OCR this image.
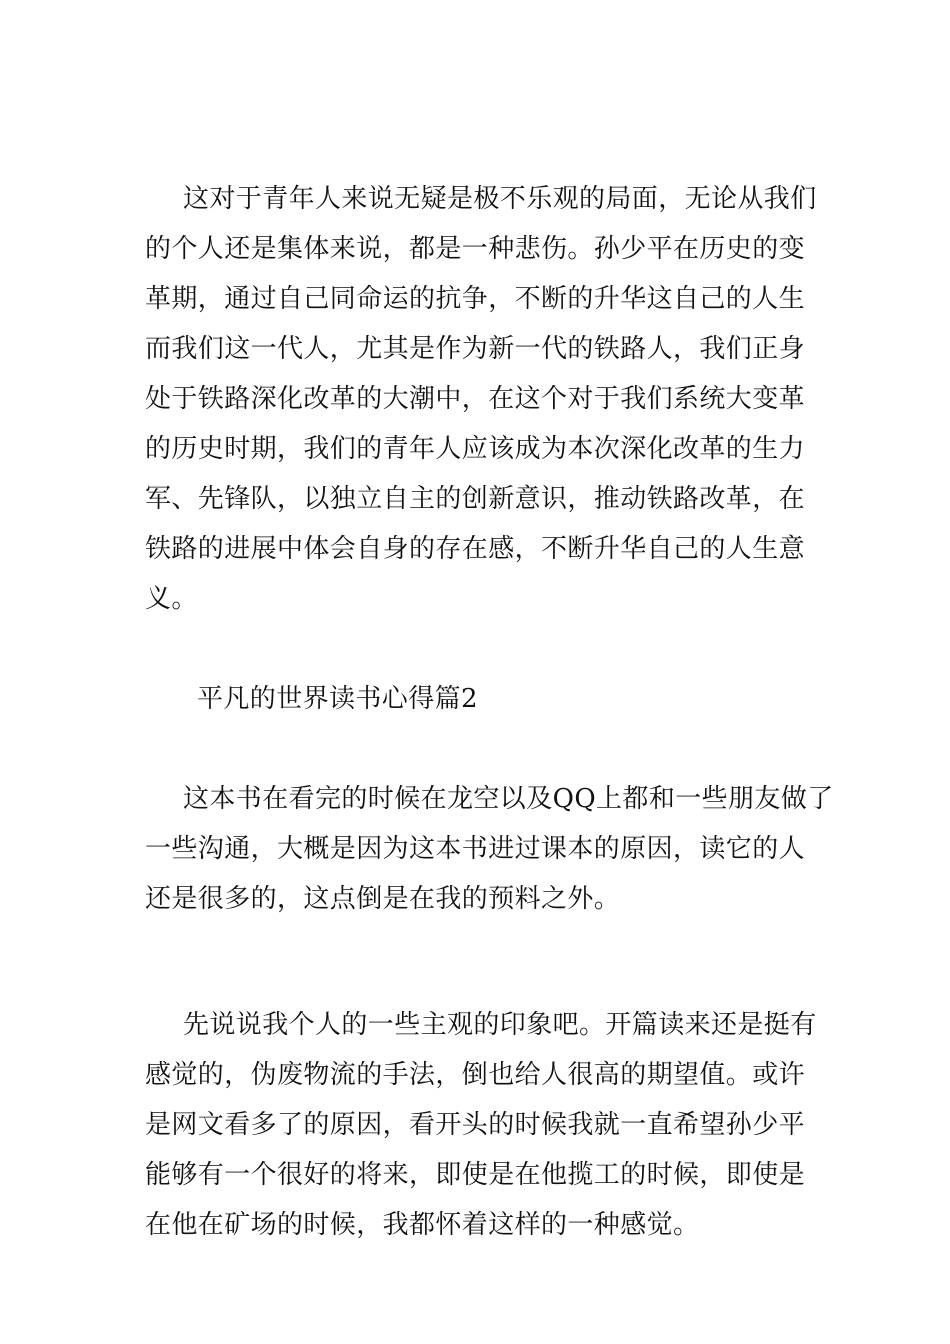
这对于青年人来说无疑是极不乐观的局面，无论从我们
的个人还是集体来说，都是一种悲伤。孙少平在历史的变
革期，通过自己同命运的抗争，不断的升华这自己的人生
而我们这一代人，尤其是作为新一代的铁路人，我们正身
处于铁路深化改革的大潮中，在这个对于我们系统大变革
的历史时期，我们的青年人应该成为本次深化改革的生力
军、先锋队，以独立自主的创新意识，推动铁路改革，在
铁路的进展中体会自身的存在感，不断升华自己的人生意
义。
平凡的世界读书心得篇2
这本书在看完的时候在龙空以及QQ上都和一些朋友做了
一些沟通，大概是因为这本书进过课本的原因，读它的人
还是很多的，这点倒是在我的预料之外。
先说说我个人的一些主观的印象吧。开篇读来还是挺有
感觉的，伪废物流的手法，倒也给人很高的期望值。或许
是网文看多了的原因，看开头的时候我就一直希望孙少平
能够有一个很好的将来，即使是在他揽工的时候，即使是
在他在矿场的时候，我都怀着这样的一种感觉。
